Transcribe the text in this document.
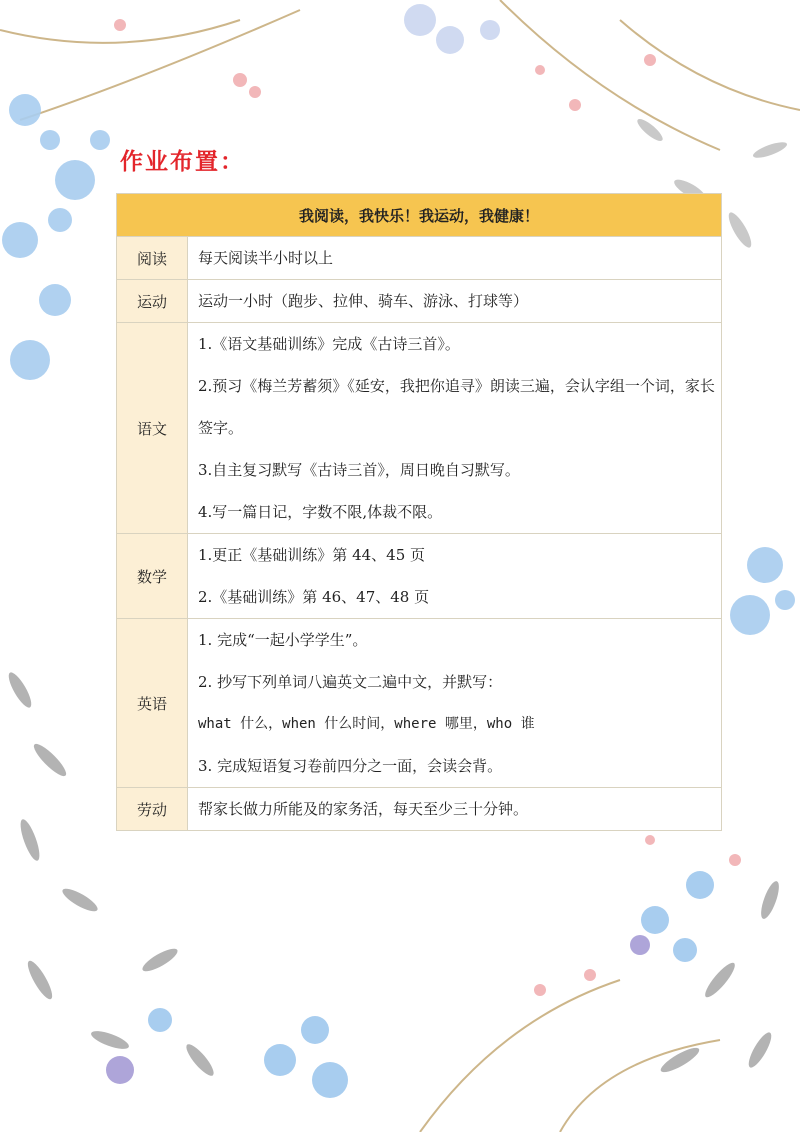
作业布置：
我阅读，我快乐！我运动，我健康！	
阅读	每天阅读半小时以上

运动	运动一小时（跑步、拉伸、骑车、游泳、打球等）

语文	1.《语文基础训练》完成《古诗三首》。
2.预习《梅兰芳蓄须》《延安，我把你追寻》朗读三遍，会认字组一个词，家长签字。
3.自主复习默写《古诗三首》，周日晚自习默写。
4.写一篇日记，字数不限,体裁不限。

数学	1.更正《基础训练》第 44、45 页
2.《基础训练》第 46、47、48 页

英语	1. 完成“一起小学学生”。
2. 抄写下列单词八遍英文二遍中文，并默写：
what 什么，when 什么时间，where 哪里，who 谁
3. 完成短语复习卷前四分之一面，会读会背。

劳动	帮家长做力所能及的家务活，每天至少三十分钟。
